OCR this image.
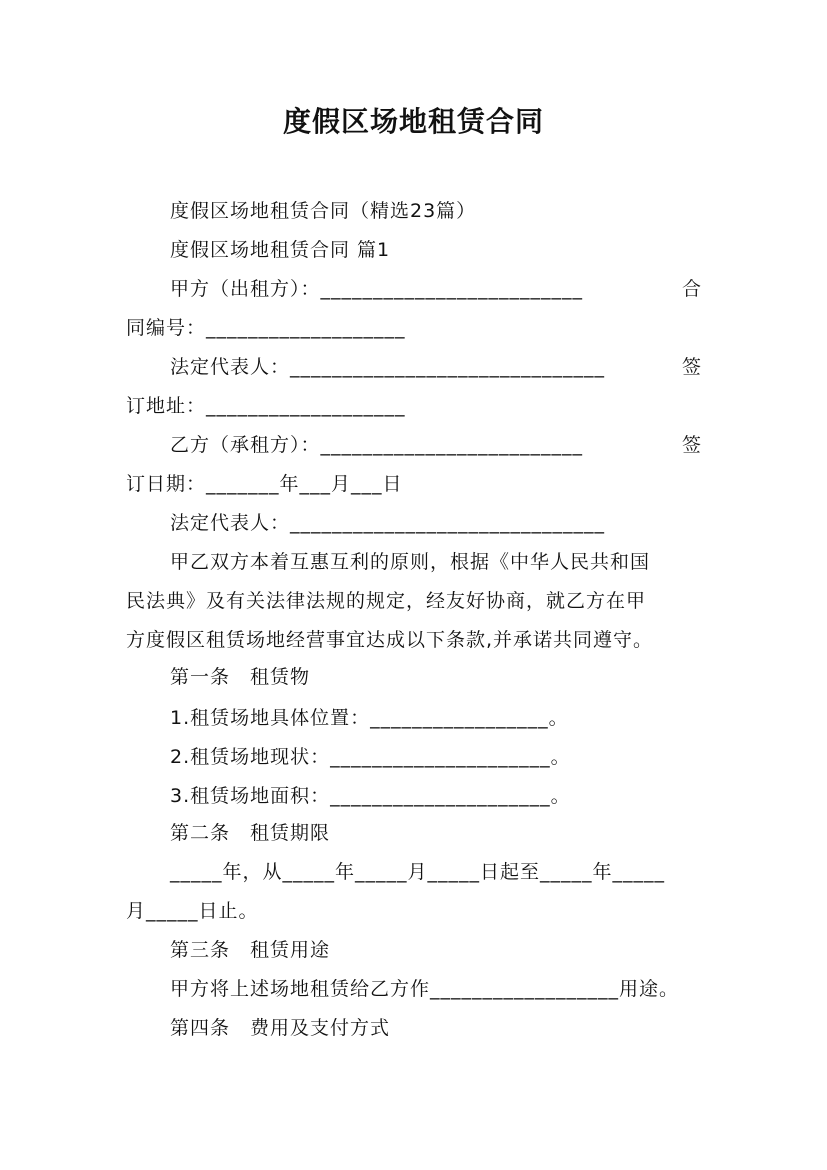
度假区场地租赁合同
度假区场地租赁合同（精选23篇）
度假区场地租赁合同 篇1
甲方（出租方）：_________________________	合
同编号：___________________
法定代表人：______________________________	签
订地址：___________________
乙方（承租方）：_________________________	签
订日期：_______年___月___日
法定代表人：______________________________
甲乙双方本着互惠互利的原则，根据《中华人民共和国
民法典》及有关法律法规的规定，经友好协商，就乙方在甲
方度假区租赁场地经营事宜达成以下条款,并承诺共同遵守。
第一条　租赁物
1.租赁场地具体位置：_________________。
2.租赁场地现状：_____________________。
3.租赁场地面积：_____________________。
第二条　租赁期限
_____年，从_____年_____月_____日起至_____年_____
月_____日止。
第三条　租赁用途
甲方将上述场地租赁给乙方作__________________用途。
第四条　费用及支付方式
